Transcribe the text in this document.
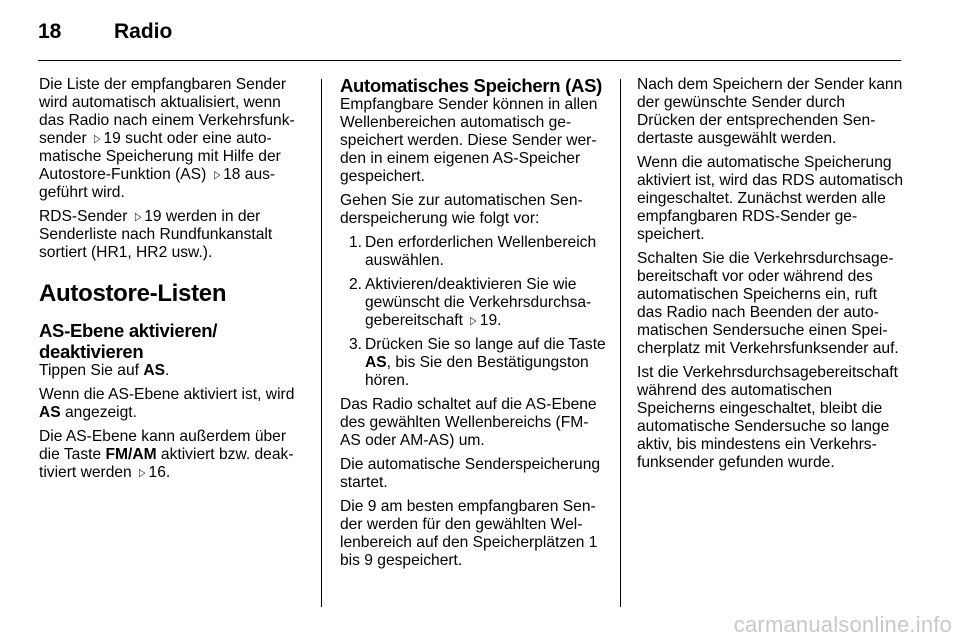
18	Radio

Die Liste der empfangbaren Sender wird automatisch aktualisiert, wenn das Radio nach einem Verkehrsfunksender ▷ 19 sucht oder eine automatische Speicherung mit Hilfe der Autostore-Funktion (AS) ▷ 18 ausgeführt wird.

RDS-Sender ▷ 19 werden in der Senderliste nach Rundfunkanstalt sortiert (HR1, HR2 usw.).

Autostore-Listen
AS-Ebene aktivieren/ deaktivieren

Tippen Sie auf AS.

Wenn die AS-Ebene aktiviert ist, wird AS angezeigt.

Die AS-Ebene kann außerdem über die Taste FM/AM aktiviert bzw. deaktiviert werden ▷ 16.

Automatisches Speichern (AS)

Empfangbare Sender können in allen Wellenbereichen automatisch gespeichert werden. Diese Sender werden in einem eigenen AS-Speicher gespeichert.

Gehen Sie zur automatischen Senderspeicherung wie folgt vor:

1. Den erforderlichen Wellenbereich auswählen.
2. Aktivieren/deaktivieren Sie wie gewünscht die Verkehrsdurchsagebereitschaft ▷ 19.
3. Drücken Sie so lange auf die Taste AS, bis Sie den Bestätigungston hören.

Das Radio schaltet auf die AS-Ebene des gewählten Wellenbereichs (FM-AS oder AM-AS) um.

Die automatische Senderspeicherung startet.

Die 9 am besten empfangbaren Sender werden für den gewählten Wellenbereich auf den Speicherplätzen 1 bis 9 gespeichert.

Nach dem Speichern der Sender kann der gewünschte Sender durch Drücken der entsprechenden Sendertaste ausgewählt werden.

Wenn die automatische Speicherung aktiviert ist, wird das RDS automatisch eingeschaltet. Zunächst werden alle empfangbaren RDS-Sender gespeichert.

Schalten Sie die Verkehrsdurchsagebereitschaft vor oder während des automatischen Speicherns ein, ruft das Radio nach Beenden der automatischen Sendersuche einen Speicherplatz mit Verkehrsfunksender auf.

Ist die Verkehrsdurchsagebereitschaft während des automatischen Speicherns eingeschaltet, bleibt die automatische Sendersuche so lange aktiv, bis mindestens ein Verkehrsfunksender gefunden wurde.

carmanualsonline.info
